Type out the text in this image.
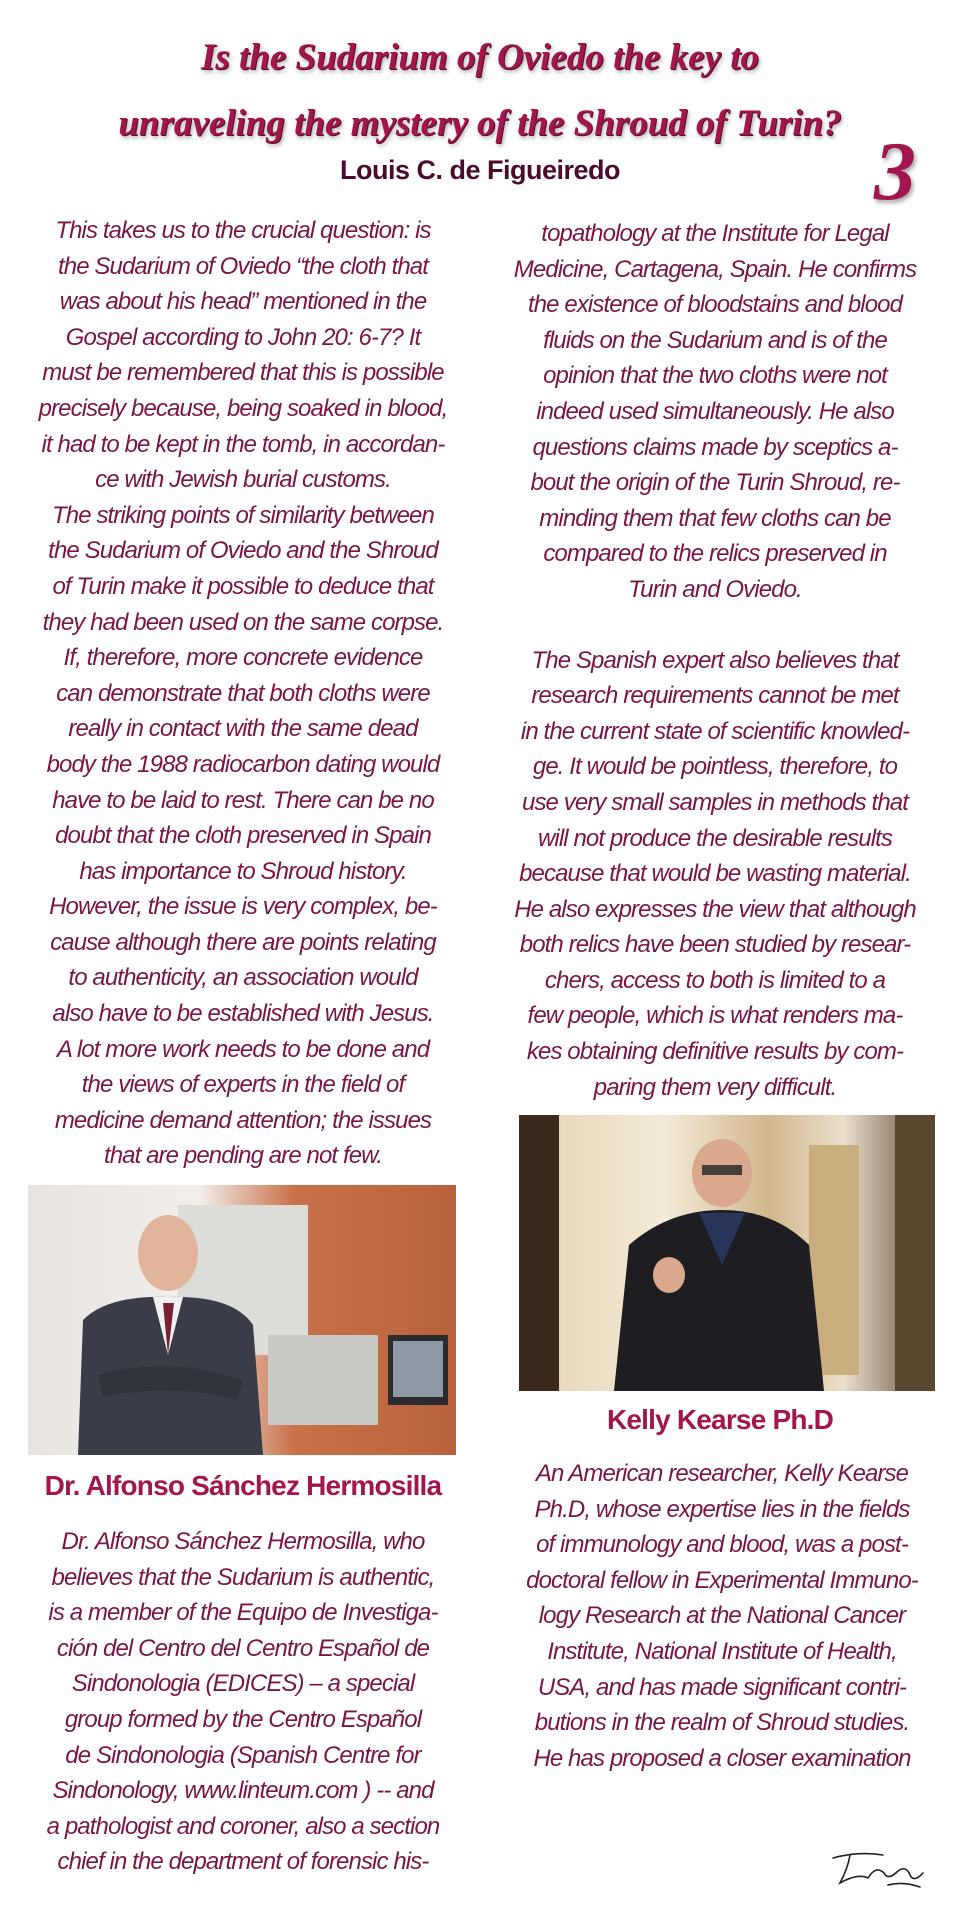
Is the Sudarium of Oviedo the key to
unraveling the mystery of the Shroud of Turin?
Louis C. de Figueiredo	3

This takes us to the crucial question: is

the Sudarium of Oviedo “the cloth that

was about his head” mentioned in the

Gospel according to John 20: 6-7? It

must be remembered that this is possible

precisely because, being soaked in blood,

it had to be kept in the tomb, in accordan-

ce with Jewish burial customs.

The striking points of similarity between

the Sudarium of Oviedo and the Shroud

of Turin make it possible to deduce that

they had been used on the same corpse.

If, therefore, more concrete evidence

can demonstrate that both cloths were

really in contact with the same dead

body the 1988 radiocarbon dating would

have to be laid to rest. There can be no

doubt that the cloth preserved in Spain

has importance to Shroud history.

However, the issue is very complex, be-

cause although there are points relating

to authenticity, an association would

also have to be established with Jesus.

A lot more work needs to be done and

the views of experts in the field of

medicine demand attention; the issues

that are pending are not few.

topathology at the Institute for Legal

Medicine, Cartagena, Spain. He confirms

the existence of bloodstains and blood

fluids on the Sudarium and is of the

opinion that the two cloths were not

indeed used simultaneously. He also

questions claims made by sceptics a-

bout the origin of the Turin Shroud, re-

minding them that few cloths can be

compared to the relics preserved in

Turin and Oviedo.

The Spanish expert also believes that

research requirements cannot be met

in the current state of scientific knowled-

ge. It would be pointless, therefore, to

use very small samples in methods that

will not produce the desirable results

because that would be wasting material.

He also expresses the view that although

both relics have been studied by resear-

chers, access to both is limited to a

few people, which is what renders ma-

kes obtaining definitive results by com-

paring them very difficult.

Dr. Alfonso Sánchez Hermosilla
Kelly Kearse Ph.D

Dr. Alfonso Sánchez Hermosilla, who

believes that the Sudarium is authentic,

is a member of the Equipo de Investiga-

ción del Centro del Centro Español de

Sindonologia (EDICES) – a special

group formed by the Centro Español

de Sindonologia (Spanish Centre for

Sindonology, www.linteum.com ) -- and

a pathologist and coroner, also a section

chief in the department of forensic his-

An American researcher, Kelly Kearse

Ph.D, whose expertise lies in the fields

of immunology and blood, was a post-

doctoral fellow in Experimental Immuno-

logy Research at the National Cancer

Institute, National Institute of Health,

USA, and has made significant contri-

butions in the realm of Shroud studies.

He has proposed a closer examination
